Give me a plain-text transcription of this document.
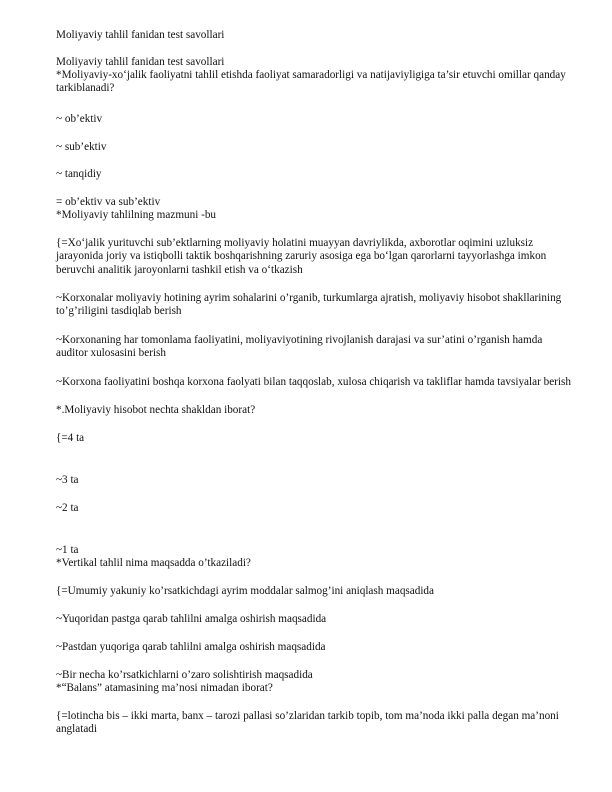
Moliyaviy tahlil fanidan test savollari
Moliyaviy tahlil fanidan test savollari
*Moliyaviy-xo‘jalik faoliyatni tahlil etishda faoliyat samaradorligi va natijaviyligiga ta’sir etuvchi omillar qanday tarkiblanadi?
~ ob’ektiv
~ sub’ektiv
~ tanqidiy
= ob’ektiv va sub’ektiv
*Moliyaviy tahlilning mazmuni -bu
{=Xo‘jalik yurituvchi sub’ektlarning moliyaviy holatini muayyan davriylikda, axborotlar oqimini uzluksiz jarayonida joriy va istiqbolli taktik boshqarishning zaruriy asosiga ega bo‘lgan qarorlarni tayyorlashga imkon beruvchi analitik jaroyonlarni tashkil etish va o‘tkazish
~Korxonalar moliyaviy hotining ayrim sohalarini o’rganib, turkumlarga ajratish, moliyaviy hisobot shakllarining to’g’riligini tasdiqlab berish
~Korxonaning har tomonlama faoliyatini, moliyaviyotining rivojlanish darajasi va sur’atini o’rganish hamda auditor xulosasini berish
~Korxona faoliyatini boshqa korxona faolyati bilan taqqoslab, xulosa chiqarish va takliflar hamda tavsiyalar berish
*.Moliyaviy hisobot nechta shakldan iborat?
{=4 ta
~3 ta
~2 ta
~1 ta
*Vertikal tahlil nima maqsadda o’tkaziladi?
{=Umumiy yakuniy ko’rsatkichdagi ayrim moddalar salmog’ini aniqlash maqsadida
~Yuqoridan pastga qarab tahlilni amalga oshirish maqsadida
~Pastdan yuqoriga qarab tahlilni amalga oshirish maqsadida
~Bir necha ko’rsatkichlarni o’zaro solishtirish maqsadida
*“Balans” atamasining ma’nosi nimadan iborat?
{=lotincha bis – ikki marta, banx – tarozi pallasi so’zlaridan tarkib topib, tom ma’noda ikki palla degan ma’noni anglatadi
